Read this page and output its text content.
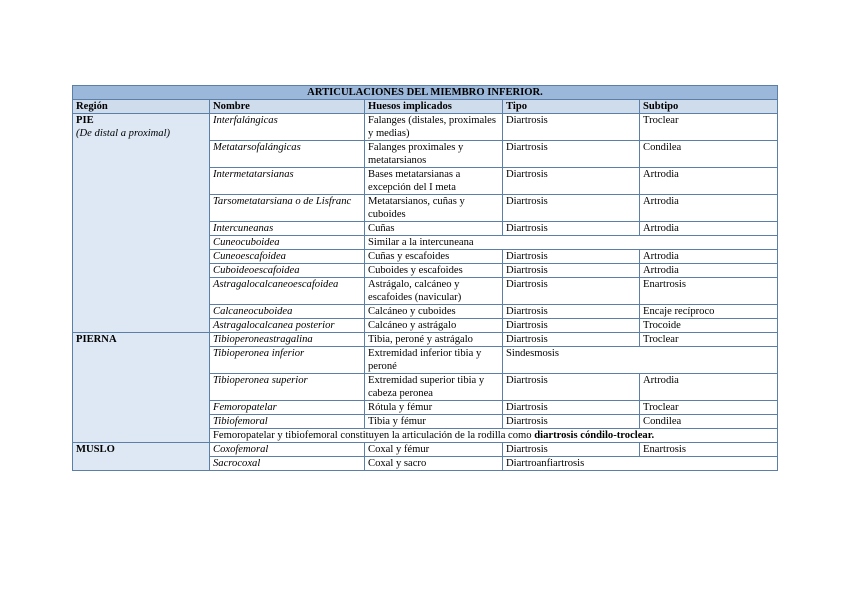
ARTICULACIONES DEL MIEMBRO INFERIOR.				
Región	Nombre	Huesos implicados	Tipo	Subtipo

PIE
(De distal a proximal)	Interfalángicas	Falanges (distales, proximales y medias)	Diartrosis	Troclear
	Metatarsofalángicas	Falanges proximales y metatarsianos	Diartrosis	Condilea
	Intermetatarsianas	Bases metatarsianas a excepción del I meta	Diartrosis	Artrodia
	Tarsometatarsiana o de Lisfranc	Metatarsianos, cuñas y cuboides	Diartrosis	Artrodia
	Intercuneanas	Cuñas	Diartrosis	Artrodia
	Cuneocuboidea	Similar a la intercuneana		
	Cuneoescafoidea	Cuñas y escafoides	Diartrosis	Artrodia
	Cuboideoescafoidea	Cuboides y escafoides	Diartrosis	Artrodia
	Astragalocalcaneoescafoidea	Astrágalo, calcáneo y escafoides (navicular)	Diartrosis	Enartrosis
	Calcaneocuboidea	Calcáneo y cuboides	Diartrosis	Encaje recíproco
	Astragalocalcanea posterior	Calcáneo y astrágalo	Diartrosis	Trocoide

PIERNA	Tibioperoneastragalina	Tibia, peroné y astrágalo	Diartrosis	Troclear
	Tibioperonea inferior	Extremidad inferior tibia y peroné	Sindesmosis	
	Tibioperonea superior	Extremidad superior tibia y cabeza peronea	Diartrosis	Artrodia
	Femoropatelar	Rótula y fémur	Diartrosis	Troclear
	Tibiofemoral	Tibia y fémur	Diartrosis	Condilea
	Femoropatelar y tibiofemoral constituyen la articulación de la rodilla como diartrosis cóndilo-troclear.			

MUSLO	Coxofemoral	Coxal y fémur	Diartrosis	Enartrosis
	Sacrocoxal	Coxal y sacro	Diartroanfiartrosis	
